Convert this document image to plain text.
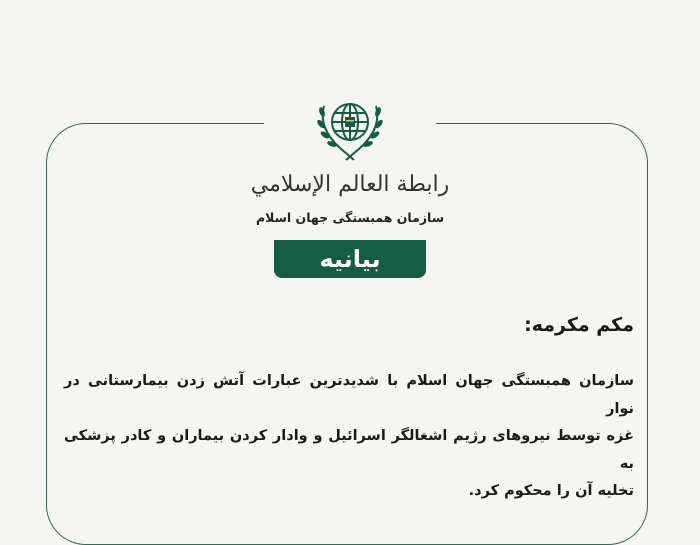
رابطة العالم الإسلامي
سازمان همبستگی جهان اسلام
بیانیه
مکم مکرمه:
سازمان همبستگی جهان اسلام با شدیدترین عبارات آتش زدن بیمارستانی در نوار
غزه توسط نیروهای رژیم اشغالگر اسرائیل و وادار کردن بیماران و کادر پزشکی به
تخلیه آن را محکوم کرد.
